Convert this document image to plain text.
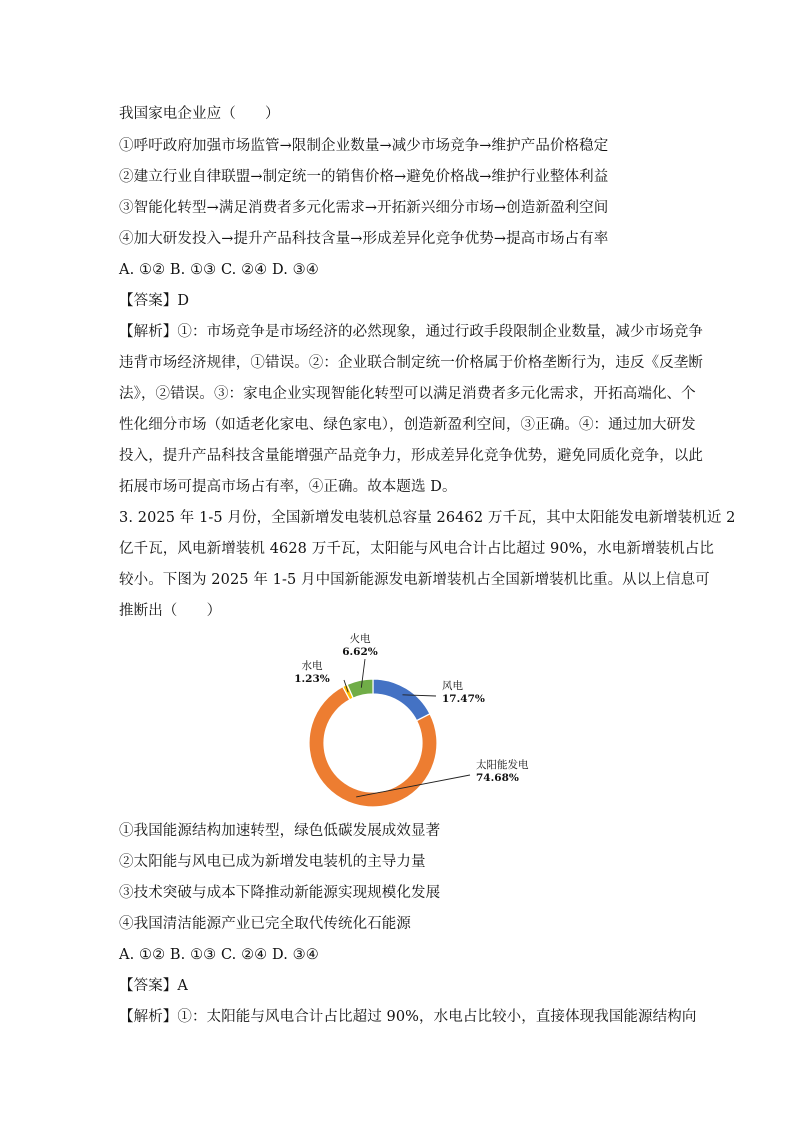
我国家电企业应（　　）
①呼吁政府加强市场监管→限制企业数量→减少市场竞争→维护产品价格稳定
②建立行业自律联盟→制定统一的销售价格→避免价格战→维护行业整体利益
③智能化转型→满足消费者多元化需求→开拓新兴细分市场→创造新盈利空间
④加大研发投入→提升产品科技含量→形成差异化竞争优势→提高市场占有率
A. ①② B. ①③ C. ②④ D. ③④
【答案】D
【解析】①：市场竞争是市场经济的必然现象，通过行政手段限制企业数量，减少市场竞争
违背市场经济规律，①错误。②：企业联合制定统一价格属于价格垄断行为，违反《反垄断
法》，②错误。③：家电企业实现智能化转型可以满足消费者多元化需求，开拓高端化、个
性化细分市场（如适老化家电、绿色家电），创造新盈利空间，③正确。④：通过加大研发
投入，提升产品科技含量能增强产品竞争力，形成差异化竞争优势，避免同质化竞争，以此
拓展市场可提高市场占有率，④正确。故本题选 D。
3. 2025 年 1-5 月份，全国新增发电装机总容量 26462 万千瓦，其中太阳能发电新增装机近 2
亿千瓦，风电新增装机 4628 万千瓦，太阳能与风电合计占比超过 90%，水电新增装机占比
较小。下图为 2025 年 1-5 月中国新能源发电新增装机占全国新增装机比重。从以上信息可
推断出（　　）
风电
17.47%
太阳能发电
74.68%
水电
1.23%
火电
6.62%
①我国能源结构加速转型，绿色低碳发展成效显著
②太阳能与风电已成为新增发电装机的主导力量
③技术突破与成本下降推动新能源实现规模化发展
④我国清洁能源产业已完全取代传统化石能源
A. ①② B. ①③ C. ②④ D. ③④
【答案】A
【解析】①：太阳能与风电合计占比超过 90%，水电占比较小，直接体现我国能源结构向
